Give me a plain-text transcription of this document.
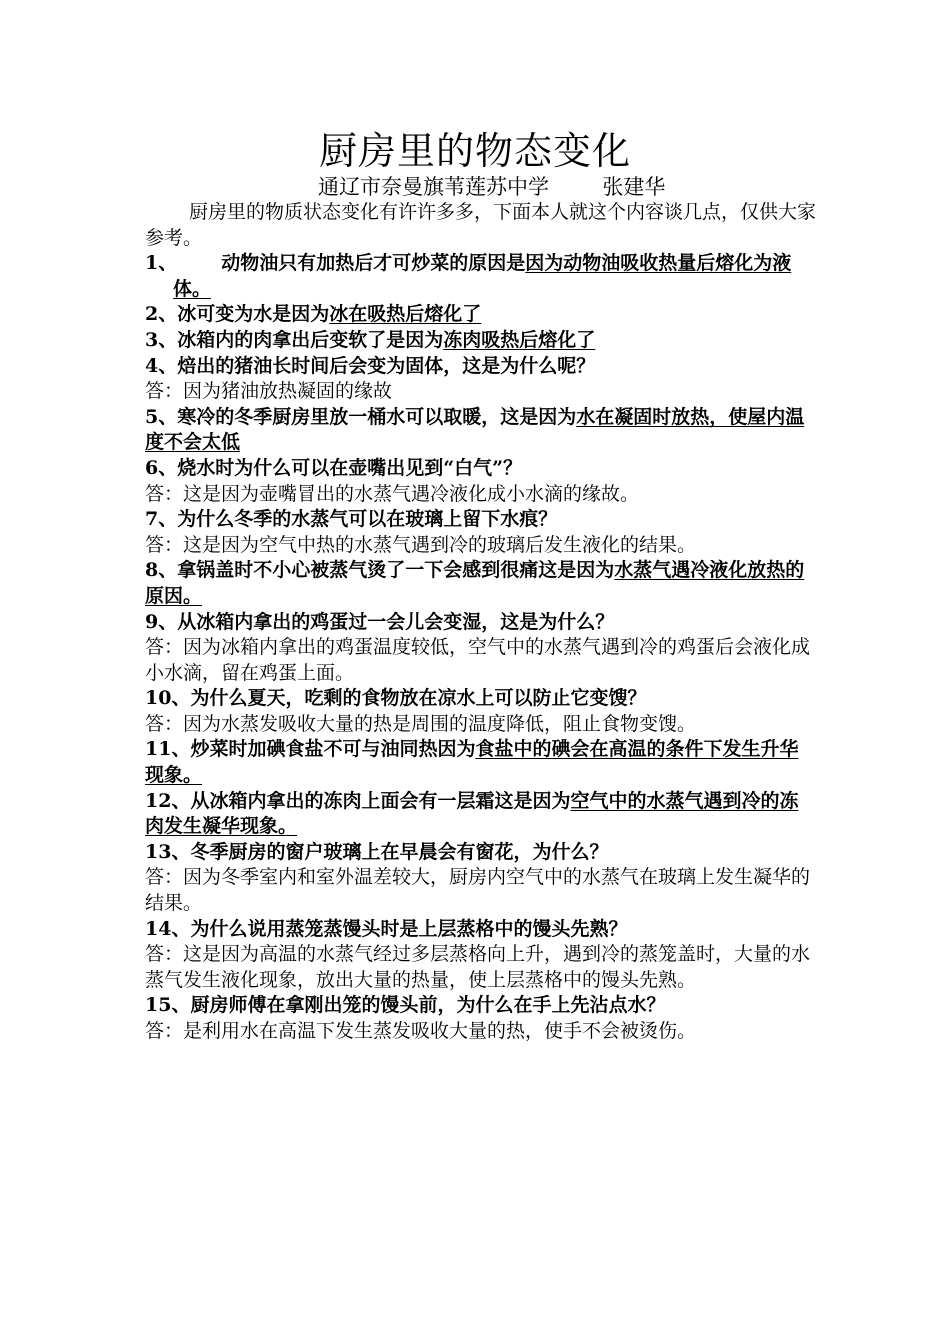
厨房里的物态变化
通辽市奈曼旗苇莲苏中学        张建华

厨房里的物质状态变化有许许多多，下面本人就这个内容谈几点，仅供大家参考。

1、 动物油只有加热后才可炒菜的原因是因为动物油吸收热量后熔化为液体。

2、冰可变为水是因为冰在吸热后熔化了

3、冰箱内的肉拿出后变软了是因为冻肉吸热后熔化了

4、焙出的猪油长时间后会变为固体，这是为什么呢？

答：因为猪油放热凝固的缘故

5、寒冷的冬季厨房里放一桶水可以取暖，这是因为水在凝固时放热，使屋内温度不会太低

6、烧水时为什么可以在壶嘴出见到“白气”？

答：这是因为壶嘴冒出的水蒸气遇冷液化成小水滴的缘故。

7、为什么冬季的水蒸气可以在玻璃上留下水痕？

答：这是因为空气中热的水蒸气遇到冷的玻璃后发生液化的结果。

8、拿锅盖时不小心被蒸气烫了一下会感到很痛这是因为水蒸气遇冷液化放热的原因。

9、从冰箱内拿出的鸡蛋过一会儿会变湿，这是为什么？

答：因为冰箱内拿出的鸡蛋温度较低，空气中的水蒸气遇到冷的鸡蛋后会液化成小水滴，留在鸡蛋上面。

10、为什么夏天，吃剩的食物放在凉水上可以防止它变馊？

答：因为水蒸发吸收大量的热是周围的温度降低，阻止食物变馊。

11、炒菜时加碘食盐不可与油同热因为食盐中的碘会在高温的条件下发生升华现象。

12、从冰箱内拿出的冻肉上面会有一层霜这是因为空气中的水蒸气遇到冷的冻肉发生凝华现象。

13、冬季厨房的窗户玻璃上在早晨会有窗花，为什么？

答：因为冬季室内和室外温差较大，厨房内空气中的水蒸气在玻璃上发生凝华的结果。

14、为什么说用蒸笼蒸馒头时是上层蒸格中的馒头先熟？

答：这是因为高温的水蒸气经过多层蒸格向上升，遇到冷的蒸笼盖时，大量的水蒸气发生液化现象，放出大量的热量，使上层蒸格中的馒头先熟。

15、厨房师傅在拿刚出笼的馒头前，为什么在手上先沾点水？

答：是利用水在高温下发生蒸发吸收大量的热，使手不会被烫伤。
